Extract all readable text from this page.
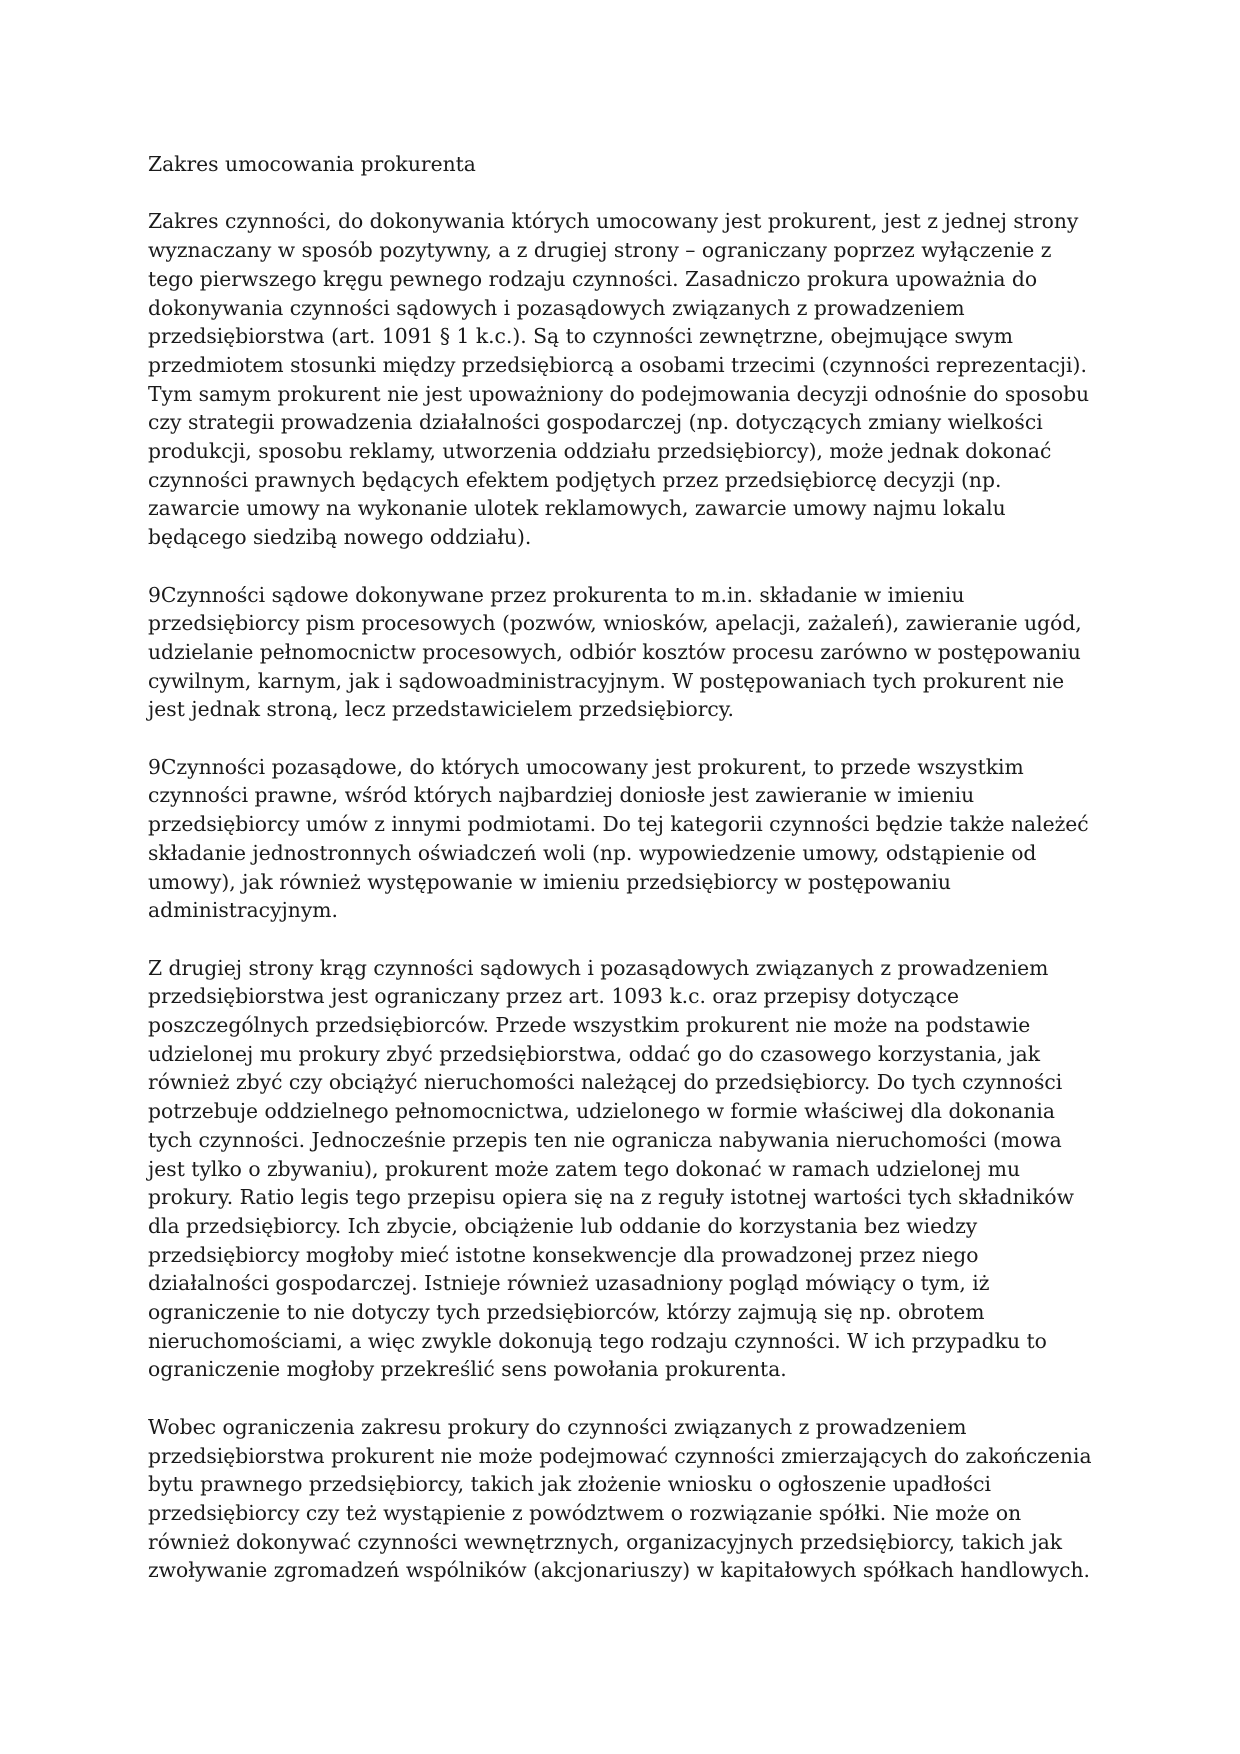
Zakres umocowania prokurenta

Zakres czynności, do dokonywania których umocowany jest prokurent, jest z jednej strony wyznaczany w sposób pozytywny, a z drugiej strony – ograniczany poprzez wyłączenie z tego pierwszego kręgu pewnego rodzaju czynności. Zasadniczo prokura upoważnia do dokonywania czynności sądowych i pozasądowych związanych z prowadzeniem przedsiębiorstwa (art. 1091 § 1 k.c.). Są to czynności zewnętrzne, obejmujące swym przedmiotem stosunki między przedsiębiorcą a osobami trzecimi (czynności reprezentacji). Tym samym prokurent nie jest upoważniony do podejmowania decyzji odnośnie do sposobu czy strategii prowadzenia działalności gospodarczej (np. dotyczących zmiany wielkości produkcji, sposobu reklamy, utworzenia oddziału przedsiębiorcy), może jednak dokonać czynności prawnych będących efektem podjętych przez przedsiębiorcę decyzji (np. zawarcie umowy na wykonanie ulotek reklamowych, zawarcie umowy najmu lokalu będącego siedzibą nowego oddziału).

9Czynności sądowe dokonywane przez prokurenta to m.in. składanie w imieniu przedsiębiorcy pism procesowych (pozwów, wniosków, apelacji, zażaleń), zawieranie ugód, udzielanie pełnomocnictw procesowych, odbiór kosztów procesu zarówno w postępowaniu cywilnym, karnym, jak i sądowoadministracyjnym. W postępowaniach tych prokurent nie jest jednak stroną, lecz przedstawicielem przedsiębiorcy.

9Czynności pozasądowe, do których umocowany jest prokurent, to przede wszystkim czynności prawne, wśród których najbardziej doniosłe jest zawieranie w imieniu przedsiębiorcy umów z innymi podmiotami. Do tej kategorii czynności będzie także należeć składanie jednostronnych oświadczeń woli (np. wypowiedzenie umowy, odstąpienie od umowy), jak również występowanie w imieniu przedsiębiorcy w postępowaniu administracyjnym.

Z drugiej strony krąg czynności sądowych i pozasądowych związanych z prowadzeniem przedsiębiorstwa jest ograniczany przez art. 1093 k.c. oraz przepisy dotyczące poszczególnych przedsiębiorców. Przede wszystkim prokurent nie może na podstawie udzielonej mu prokury zbyć przedsiębiorstwa, oddać go do czasowego korzystania, jak również zbyć czy obciążyć nieruchomości należącej do przedsiębiorcy. Do tych czynności potrzebuje oddzielnego pełnomocnictwa, udzielonego w formie właściwej dla dokonania tych czynności. Jednocześnie przepis ten nie ogranicza nabywania nieruchomości (mowa jest tylko o zbywaniu), prokurent może zatem tego dokonać w ramach udzielonej mu prokury. Ratio legis tego przepisu opiera się na z reguły istotnej wartości tych składników dla przedsiębiorcy. Ich zbycie, obciążenie lub oddanie do korzystania bez wiedzy przedsiębiorcy mogłoby mieć istotne konsekwencje dla prowadzonej przez niego działalności gospodarczej. Istnieje również uzasadniony pogląd mówiący o tym, iż ograniczenie to nie dotyczy tych przedsiębiorców, którzy zajmują się np. obrotem nieruchomościami, a więc zwykle dokonują tego rodzaju czynności. W ich przypadku to ograniczenie mogłoby przekreślić sens powołania prokurenta.

Wobec ograniczenia zakresu prokury do czynności związanych z prowadzeniem przedsiębiorstwa prokurent nie może podejmować czynności zmierzających do zakończenia bytu prawnego przedsiębiorcy, takich jak złożenie wniosku o ogłoszenie upadłości przedsiębiorcy czy też wystąpienie z powództwem o rozwiązanie spółki. Nie może on również dokonywać czynności wewnętrznych, organizacyjnych przedsiębiorcy, takich jak zwoływanie zgromadzeń wspólników (akcjonariuszy) w kapitałowych spółkach handlowych.
